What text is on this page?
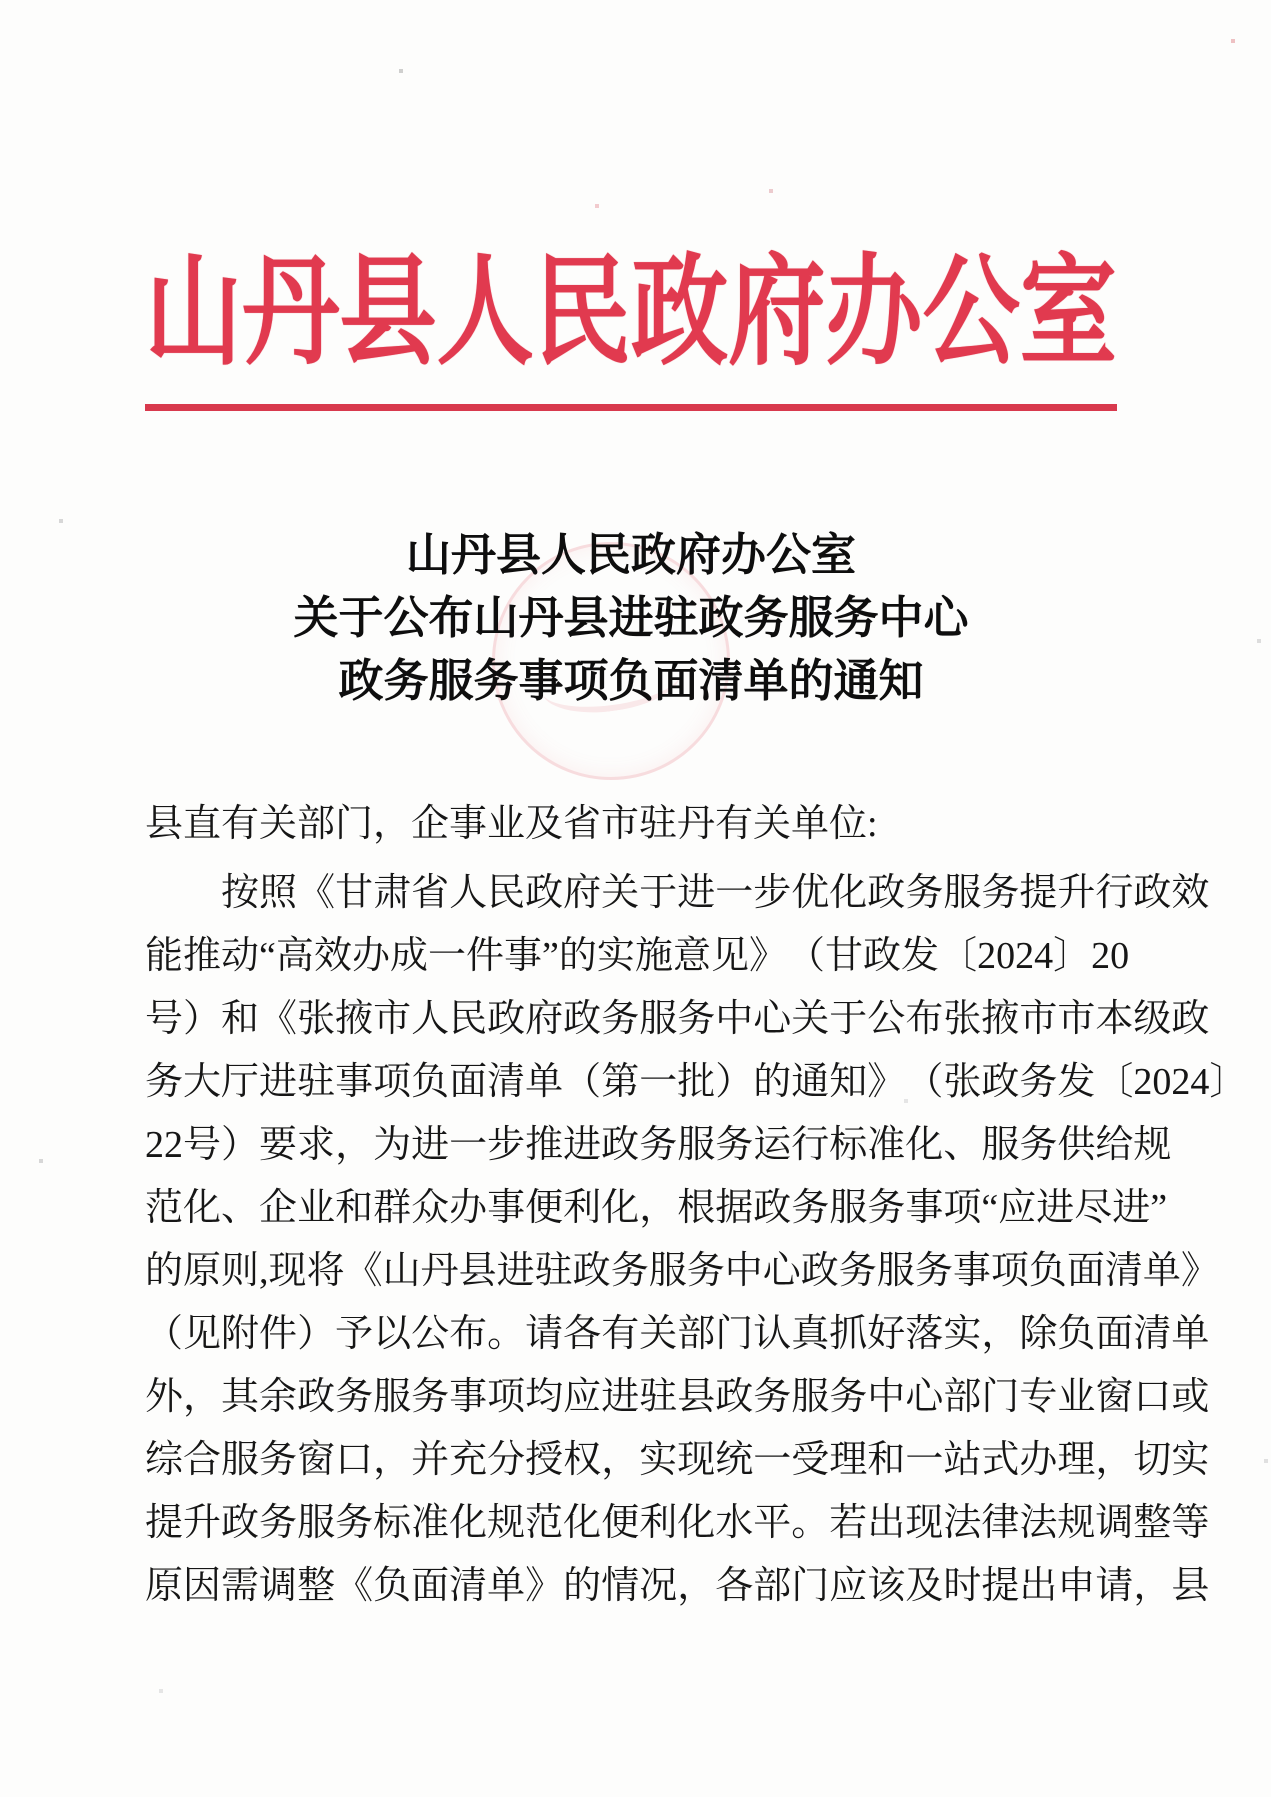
山丹县人民政府办公室
山丹县人民政府办公室
关于公布山丹县进驻政务服务中心
政务服务事项负面清单的通知
县直有关部门，企事业及省市驻丹有关单位:

按 照 《 甘 肃 省 人 民 政 府 关 于 进 一 步 优 化 政 务 服 务 提 升 行 政 效
能 推 动 “ 高 效 办 成 一 件 事 ” 的 实 施 意 见 》 （ 甘 政 发 〔 2024 〕 20
号 ） 和 《 张 掖 市 人 民 政 府 政 务 服 务 中 心 关 于 公 布 张 掖 市 市 本 级 政
务 大 厅 进 驻 事 项 负 面 清 单 （ 第 一 批 ） 的 通 知 》 （ 张 政 务 发 〔 2024 〕
22 号 ） 要 求 ， 为 进 一 步 推 进 政 务 服 务 运 行 标 准 化 、 服 务 供 给 规
范 化 、 企 业 和 群 众 办 事 便 利 化 ， 根 据 政 务 服 务 事 项 “ 应 进 尽 进 ”
的 原 则 , 现 将 《 山 丹 县 进 驻 政 务 服 务 中 心 政 务 服 务 事 项 负 面 清 单 》
（ 见 附 件 ） 予 以 公 布 。 请 各 有 关 部 门 认 真 抓 好 落 实 ， 除 负 面 清 单
外 ， 其 余 政 务 服 务 事 项 均 应 进 驻 县 政 务 服 务 中 心 部 门 专 业 窗 口 或
综 合 服 务 窗 口 ， 并 充 分 授 权 ， 实 现 统 一 受 理 和 一 站 式 办 理 ， 切 实
提 升 政 务 服 务 标 准 化 规 范 化 便 利 化 水 平 。 若 出 现 法 律 法 规 调 整 等
原 因 需 调 整 《 负 面 清 单 》 的 情 况 ， 各 部 门 应 该 及 时 提 出 申 请 ， 县
